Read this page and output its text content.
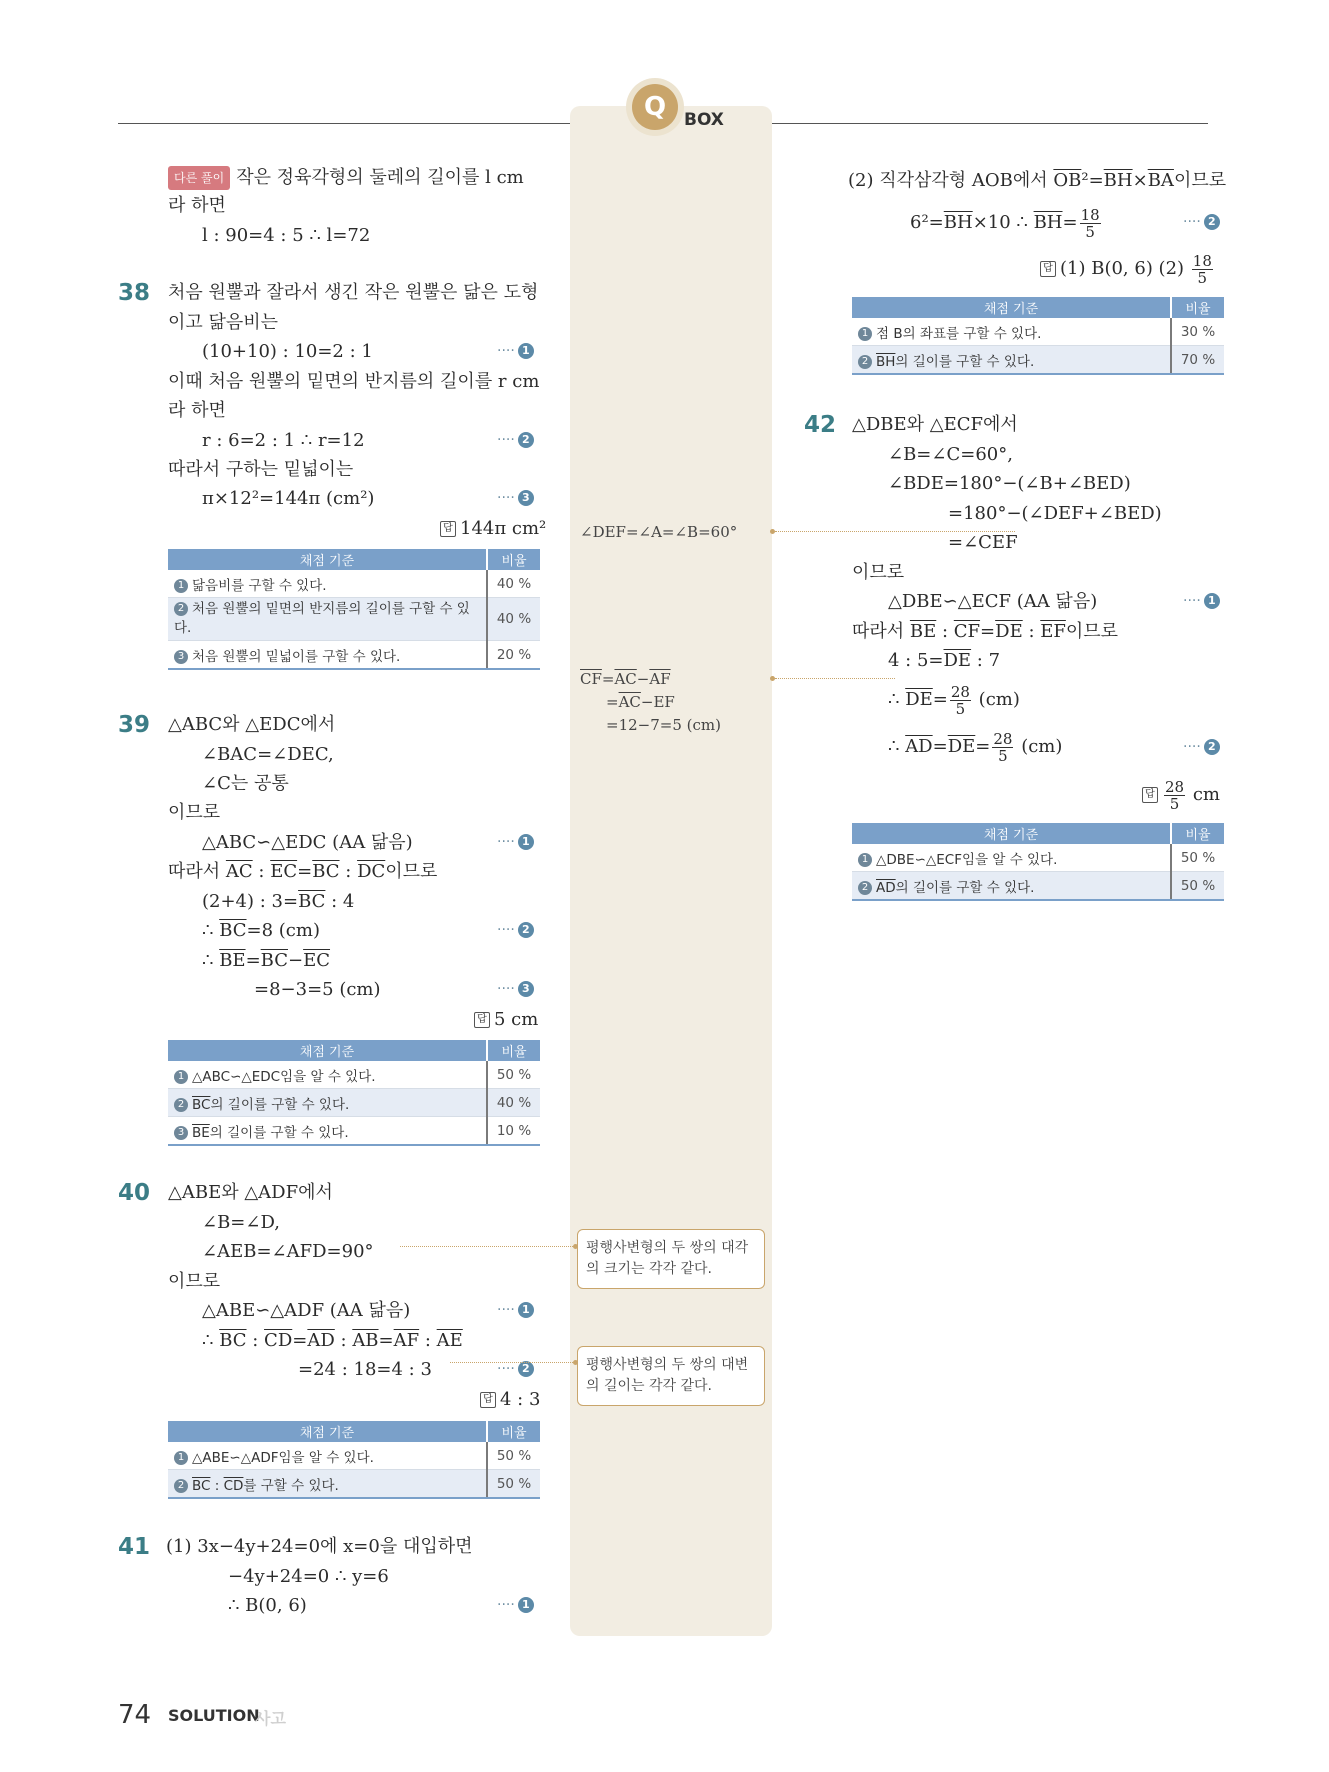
Q	BOX
다른 풀이 작은 정육각형의 둘레의 길이를 l cm
라 하면
l : 90=4 : 5 ∴ l=72
38 처음 원뿔과 잘라서 생긴 작은 원뿔은 닮은 도형
이고 닮음비는
(10+10) : 10=2 : 1	···· 1
이때 처음 원뿔의 밑면의 반지름의 길이를 r cm
라 하면
r : 6=2 : 1 ∴ r=12	···· 2
따라서 구하는 밑넓이는
π×12²=144π (cm²)	···· 3
답 144π cm²
채점 기준	비율
1 닮음비를 구할 수 있다.	40 %
2 처음 원뿔의 밑면의 반지름의 길이를 구할 수 있다.	40 %
3 처음 원뿔의 밑넓이를 구할 수 있다.	20 %
39 △ABC와 △EDC에서
∠BAC=∠DEC,
∠C는 공통
이므로
△ABC∽△EDC (AA 닮음)	···· 1
따라서 $\overline{AC}$ : $\overline{EC}=\overline{BC}$ : $\overline{DC}$이므로
(2+4) : $3=\overline{BC}$ : 4
∴ $\overline{BC}=8$ (cm)	···· 2
∴ $\overline{BE}=\overline{BC}-\overline{EC}$
=8−3=5 (cm)	···· 3
답 5 cm
채점 기준	비율
1 △ABC∽△EDC임을 알 수 있다.	50 %
2 $\overline{BC}$의 길이를 구할 수 있다.	40 %
3 $\overline{BE}$의 길이를 구할 수 있다.	10 %
40 △ABE와 △ADF에서
∠B=∠D,
∠AEB=∠AFD=90°
이므로
△ABE∽△ADF (AA 닮음)	···· 1
∴ $\overline{BC}$ : $\overline{CD}=\overline{AD}$ : $\overline{AB}=\overline{AF}$ : $\overline{AE}$
=24 : 18=4 : 3	···· 2
답 4 : 3
채점 기준	비율
1 △ABE∽△ADF임을 알 수 있다.	50 %
2 $\overline{BC}$ : $\overline{CD}$를 구할 수 있다.	50 %
41 (1) 3x−4y+24=0에 x=0을 대입하면
−4y+24=0 ∴ y=6
∴ B(0, 6)	···· 1
(2) 직각삼각형 AOB에서 $\overline{OB}^2=\overline{BH}\times\overline{BA}$이므로
$6^2=\overline{BH}\times 10$ ∴ $\overline{BH}= \frac{18}{5}$	···· 2
답 (1) B(0, 6) $(2) \frac{18}{5}$
채점 기준	비율
1 점 B의 좌표를 구할 수 있다.	30 %
2 $\overline{BH}$의 길이를 구할 수 있다.	70 %
42 △DBE와 △ECF에서
∠B=∠C=60°,
∠BDE=180°−(∠B+∠BED)
=180°−(∠DEF+∠BED)
=∠CEF
이므로
△DBE∽△ECF (AA 닮음)	···· 1
따라서 $\overline{BE}$ : $\overline{CF}=\overline{DE}$ : $\overline{EF}$이므로
4 : $5=\overline{DE}$ : 7
∴ $\overline{DE}= \frac{28}{5} (cm)$
∴ $\overline{AD}=\overline{DE}= \frac{28}{5} (cm)$	···· 2
답 $\frac{28}{5}$ cm
채점 기준	비율
1 △DBE∽△ECF임을 알 수 있다.	50 %
2 $\overline{AD}$의 길이를 구할 수 있다.	50 %
∠DEF=∠A=∠B=60°
$\overline{CF}=\overline{AC}-\overline{AF}$
$=\overline{AC}-EF$
=12−7=5 (cm)
평행사변형의 두 쌍의 대각의 크기는 각각 같다.
평행사변형의 두 쌍의 대변의 길이는 각각 같다.
74 SOLUTION
사고
